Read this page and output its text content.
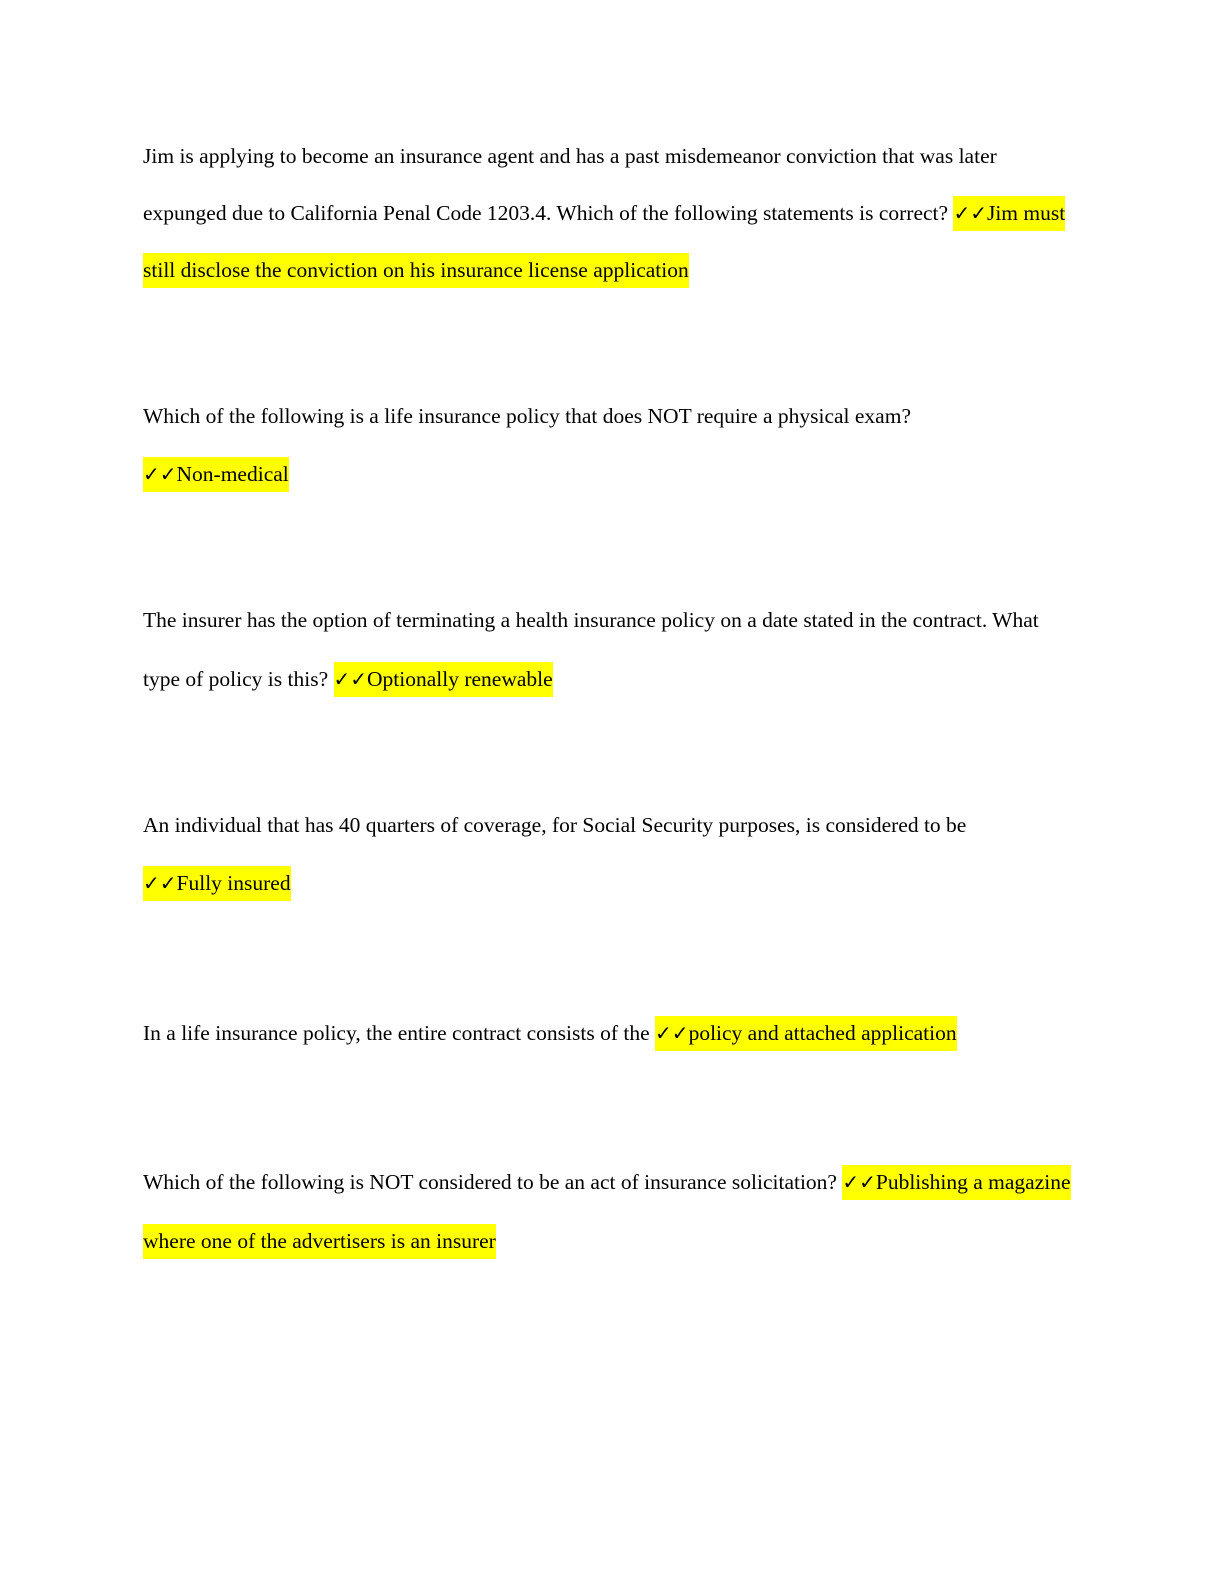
Jim is applying to become an insurance agent and has a past misdemeanor conviction that was later expunged due to California Penal Code 1203.4. Which of the following statements is correct? ✓✓Jim must still disclose the conviction on his insurance license application

Which of the following is a life insurance policy that does NOT require a physical exam?
✓✓Non-medical

The insurer has the option of terminating a health insurance policy on a date stated in the contract. What type of policy is this? ✓✓Optionally renewable

An individual that has 40 quarters of coverage, for Social Security purposes, is considered to be
✓✓Fully insured

In a life insurance policy, the entire contract consists of the ✓✓policy and attached application

Which of the following is NOT considered to be an act of insurance solicitation? ✓✓Publishing a magazine where one of the advertisers is an insurer
